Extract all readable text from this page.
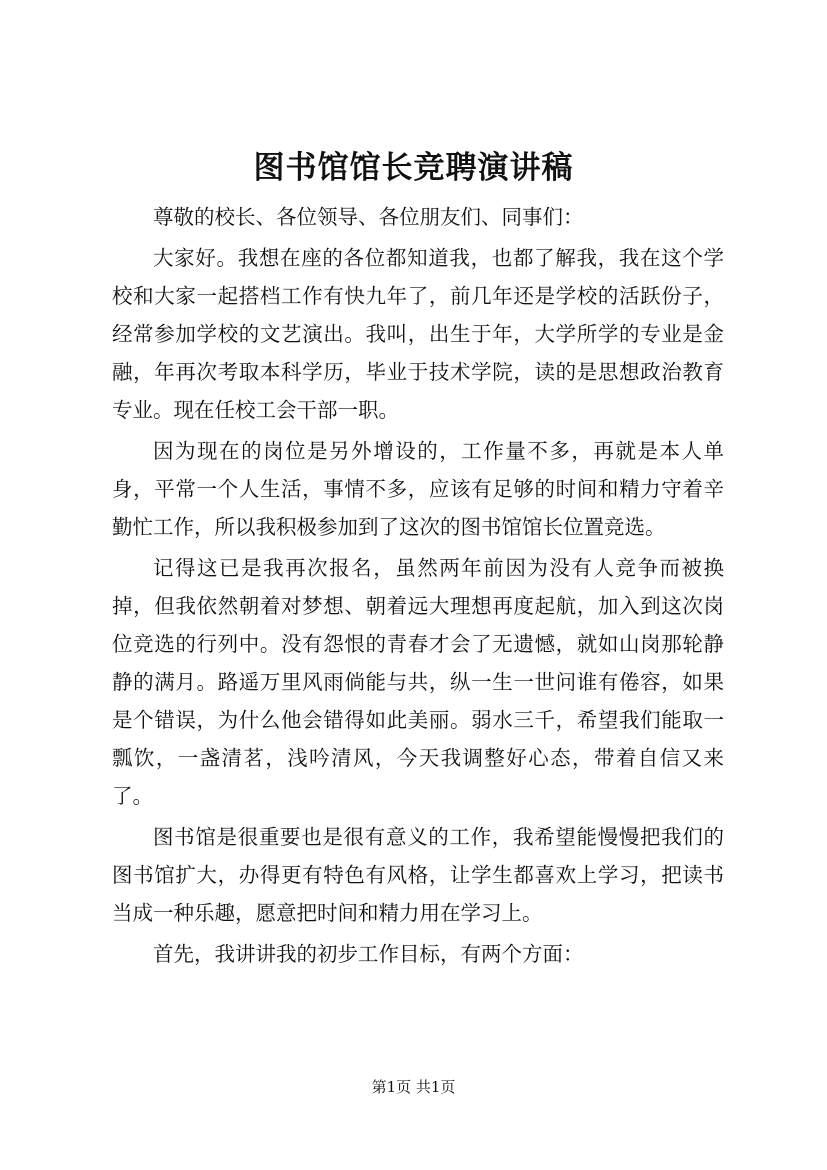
图书馆馆长竞聘演讲稿

尊敬的校长、各位领导、各位朋友们、同事们：

大家好。我想在座的各位都知道我，也都了解我，我在这个学校和大家一起搭档工作有快九年了，前几年还是学校的活跃份子，经常参加学校的文艺演出。我叫，出生于年，大学所学的专业是金融，年再次考取本科学历，毕业于技术学院，读的是思想政治教育专业。现在任校工会干部一职。

因为现在的岗位是另外增设的，工作量不多，再就是本人单身，平常一个人生活，事情不多，应该有足够的时间和精力守着辛勤忙工作，所以我积极参加到了这次的图书馆馆长位置竞选。

记得这已是我再次报名，虽然两年前因为没有人竞争而被换掉，但我依然朝着对梦想、朝着远大理想再度起航，加入到这次岗位竞选的行列中。没有怨恨的青春才会了无遗憾，就如山岗那轮静静的满月。路遥万里风雨倘能与共，纵一生一世问谁有倦容，如果是个错误，为什么他会错得如此美丽。弱水三千，希望我们能取一瓢饮，一盏清茗，浅吟清风，今天我调整好心态，带着自信又来了。

图书馆是很重要也是很有意义的工作，我希望能慢慢把我们的图书馆扩大，办得更有特色有风格，让学生都喜欢上学习，把读书当成一种乐趣，愿意把时间和精力用在学习上。

首先，我讲讲我的初步工作目标，有两个方面：

第1页 共1页
